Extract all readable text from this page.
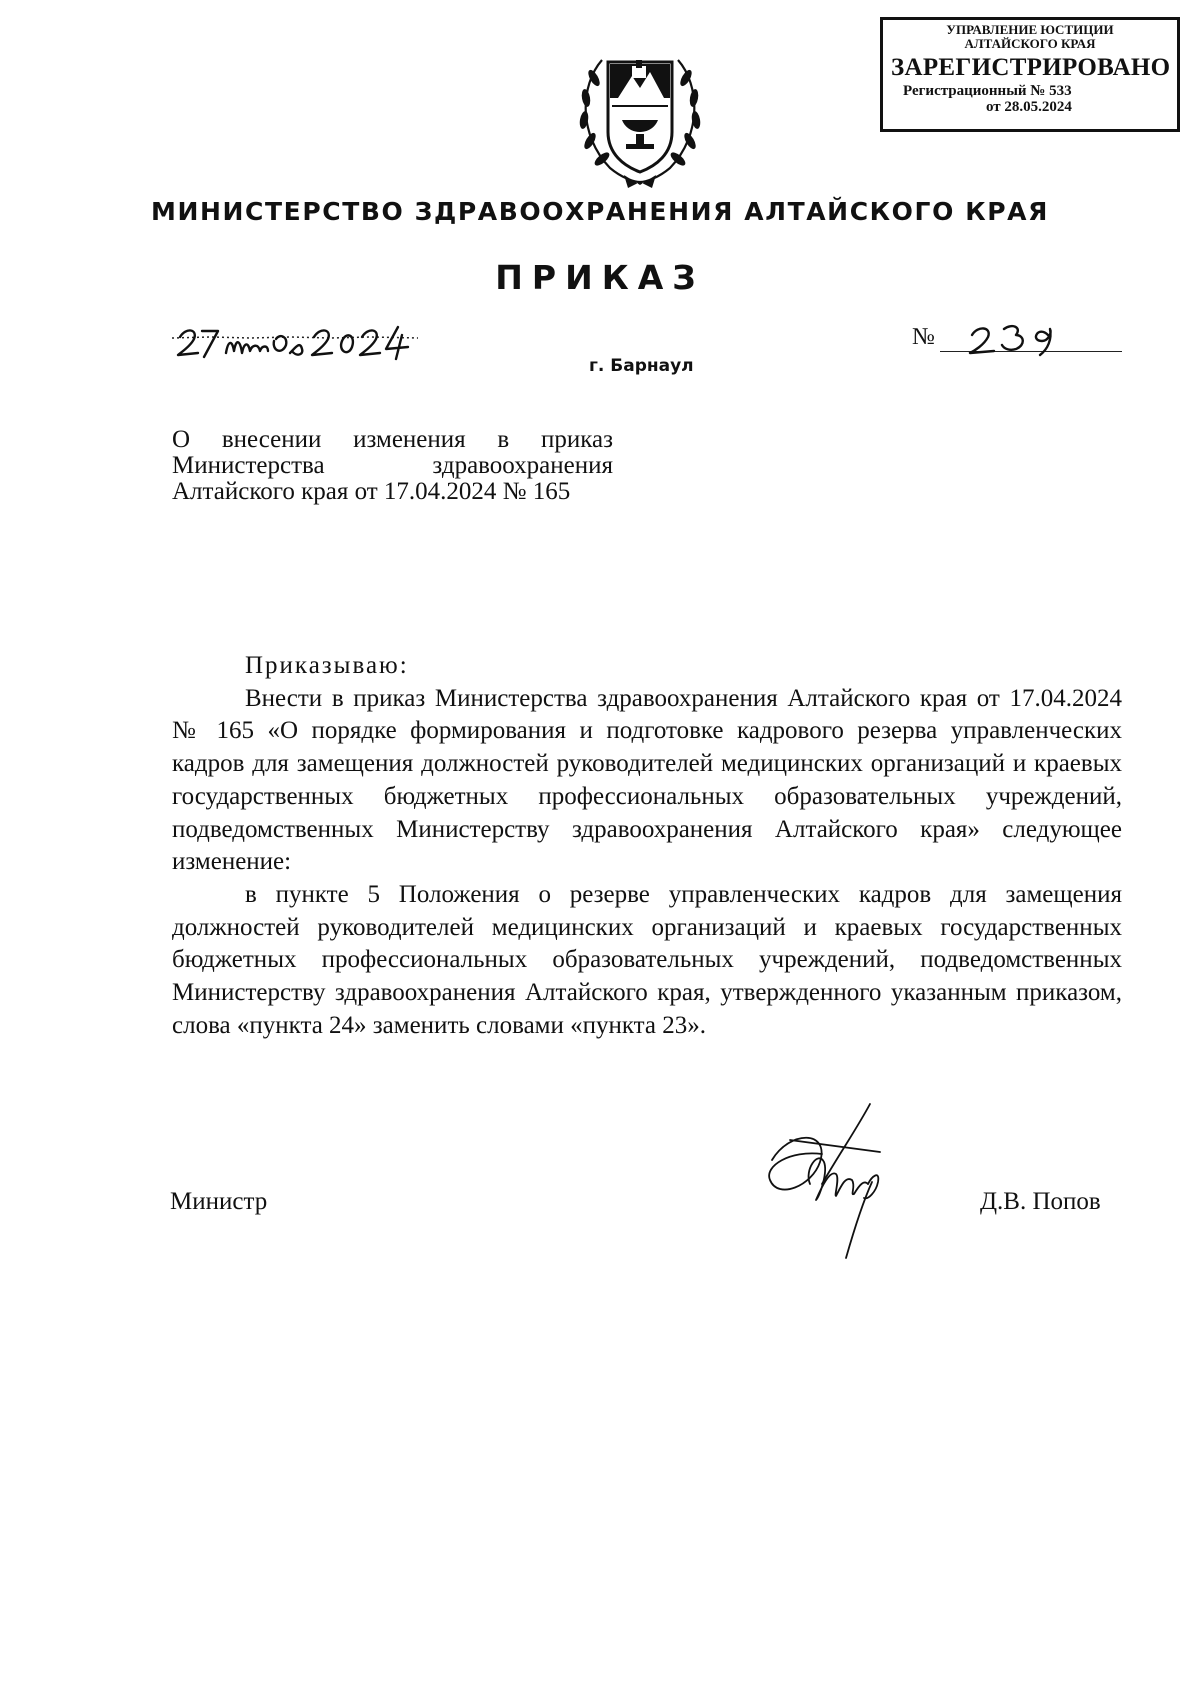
УПРАВЛЕНИЕ ЮСТИЦИИ

АЛТАЙСКОГО КРАЯ

ЗАРЕГИСТРИРОВАНО

Регистрационный № 533

от 28.05.2024

МИНИСТЕРСТВО ЗДРАВООХРАНЕНИЯ АЛТАЙСКОГО КРАЯ

ПРИКАЗ

г. Барнаул

№

О внесении изменения в приказ Министерства здравоохранения Алтайского края от 17.04.2024 № 165

Приказываю:

Внести в приказ Министерства здравоохранения Алтайского края от 17.04.2024 № 165 «О порядке формирования и подготовке кадрового резерва управленческих кадров для замещения должностей руководителей медицинских организаций и краевых государственных бюджетных профессиональных образовательных учреждений, подведомственных Министерству здравоохранения Алтайского края» следующее изменение:

в пункте 5 Положения о резерве управленческих кадров для замещения должностей руководителей медицинских организаций и краевых государственных бюджетных профессиональных образовательных учреждений, подведомственных Министерству здравоохранения Алтайского края, утвержденного указанным приказом, слова «пункта 24» заменить словами «пункта 23».

Министр	Д.В. Попов
